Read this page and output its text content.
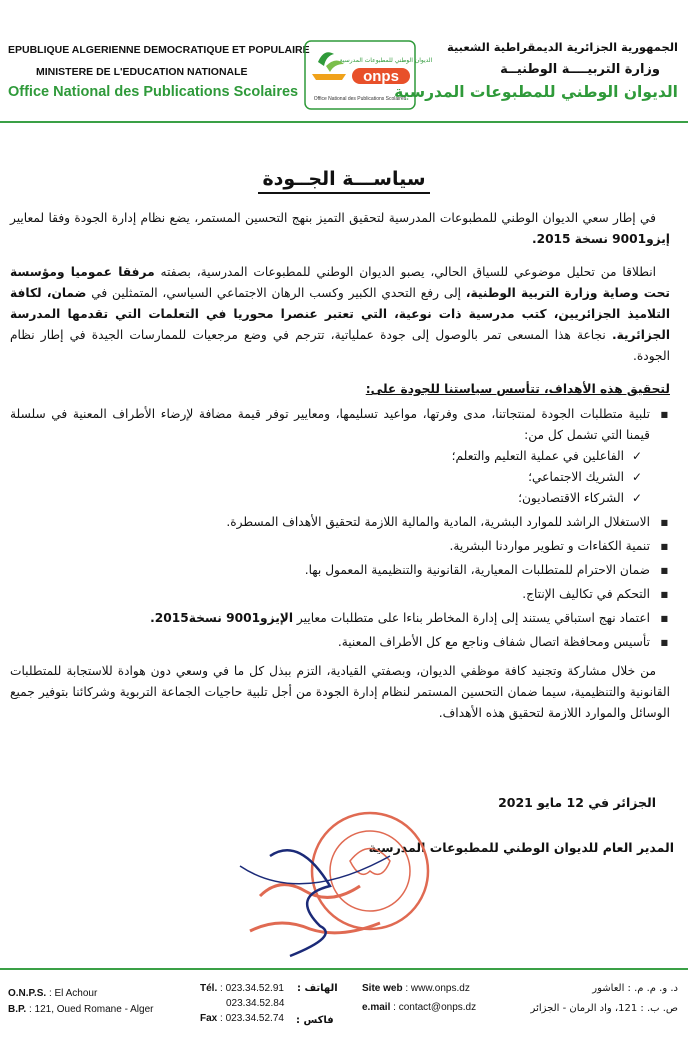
EPUBLIQUE ALGERIENNE DEMOCRATIQUE ET POPULAIRE
MINISTERE DE L'EDUCATION NATIONALE
Office National des Publications Scolaires
onps
الديوان الوطني للمطبوعات المدرسية
Office National des Publications Scolaires
الجمهورية الجزائرية الديمقراطية الشعبية
وزارة التربيــــة الوطنيــة
الديوان الوطني للمطبوعات المدرسية
سياســـة الجــودة

في إطار سعي الديوان الوطني للمطبوعات المدرسية لتحقيق التميز بنهج التحسين المستمر، يضع نظام إدارة الجودة وفقا لمعايير إيزو9001 نسخة 2015.

انطلاقا من تحليل موضوعي للسياق الحالي، يصبو الديوان الوطني للمطبوعات المدرسية، بصفته مرفقا عموميا ومؤسسة تحت وصاية وزارة التربية الوطنية، إلى رفع التحدي الكبير وكسب الرهان الاجتماعي السياسي، المتمثلين في ضمان، لكافة التلاميذ الجزائريين، كتب مدرسية ذات نوعية، التي تعتبر عنصرا محوريا في التعلمات التي تقدمها المدرسة الجزائرية. نجاعة هذا المسعى تمر بالوصول إلى جودة عملياتية، تترجم في وضع مرجعيات للممارسات الجيدة في إطار نظام الجودة.

لتحقيق هذه الأهداف، تتأسس سياستنا للجودة على:
■ تلبية متطلبات الجودة لمنتجاتنا، مدى وفرتها، مواعيد تسليمها، ومعايير توفر قيمة مضافة لإرضاء الأطراف المعنية في سلسلة قيمنا التي تشمل كل من:
✓
الفاعلين في عملية التعليم والتعلم؛
✓
الشريك الاجتماعي؛
✓
الشركاء الاقتصاديون؛
■ الاستغلال الراشد للموارد البشرية، المادية والمالية اللازمة لتحقيق الأهداف المسطرة.
■ تنمية الكفاءات و تطوير مواردنا البشرية.
■ ضمان الاحترام للمتطلبات المعيارية، القانونية والتنظيمية المعمول بها.
■ التحكم في تكاليف الإنتاج.
■ اعتماد نهج استباقي يستند إلى إدارة المخاطر بناءا على متطلبات معايير الإيزو9001 نسخة2015.
■ تأسيس ومحافظة اتصال شفاف وناجع مع كل الأطراف المعنية.

من خلال مشاركة وتجنيد كافة موظفي الديوان، وبصفتي القيادية، التزم ببذل كل ما في وسعي دون هوادة للاستجابة للمتطلبات القانونية والتنظيمية، سيما ضمان التحسين المستمر لنظام إدارة الجودة من أجل تلبية حاجيات الجماعة التربوية وشركائنا بتوفير جميع الوسائل والموارد اللازمة لتحقيق هذه الأهداف.

الجزائر في 12 مايو 2021
المدير العام للديوان الوطني للمطبوعات المدرسية
O.N.P.S. : El Achour
B.P. : 121, Oued Romane - Alger
Tél. : 023.34.52.91 الهاتف :
023.34.52.84
Fax : 023.34.52.74 فاكس :
Site web : www.onps.dz
e.mail : contact@onps.dz
د. و. م. م. : العاشور
ص. ب. : 121، واد الرمان - الجزائر
